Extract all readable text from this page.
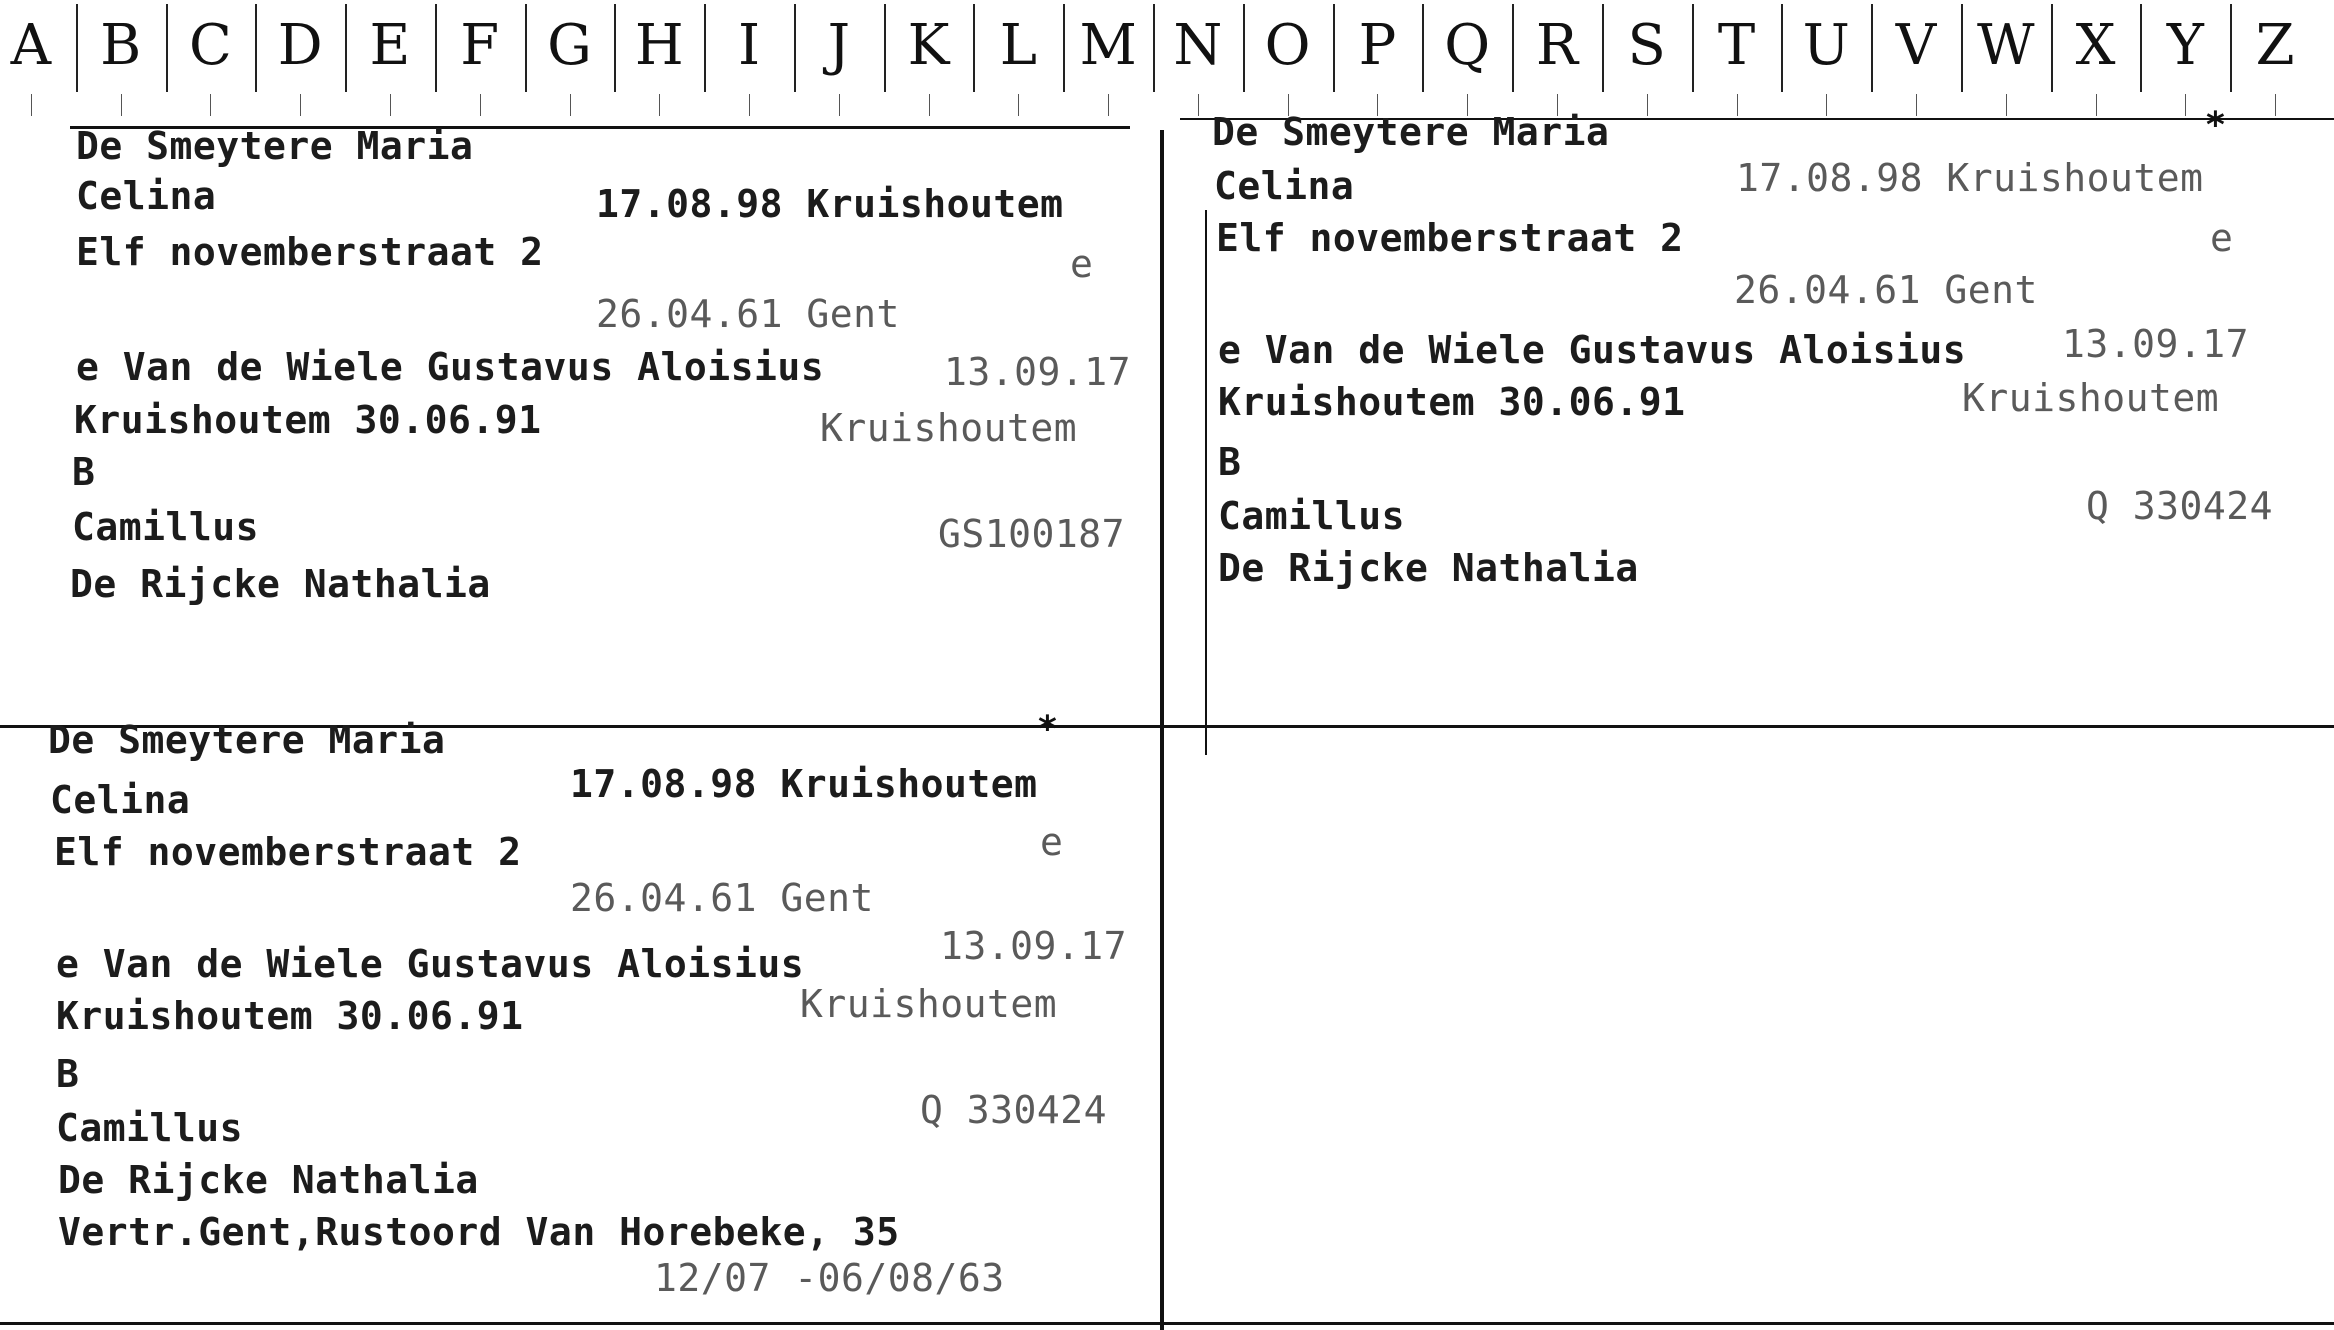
A B C D E F G H I	J	K L M N O P Q R S T U V W X Y Z
De Smeytere Maria
Celina	17.08.98 Kruishoutem
Elf novemberstraat 2	e
26.04.61 Gent
e Van de Wiele Gustavus Aloisius	13.09.17
Kruishoutem 30.06.91	Kruishoutem
B
Camillus	GS100187
De Rijcke Nathalia
*
De Smeytere Maria
Celina	17.08.98 Kruishoutem
Elf novemberstraat 2	e
26.04.61 Gent
e Van de Wiele Gustavus Aloisius	13.09.17
Kruishoutem 30.06.91	Kruishoutem
B
Camillus	Q 330424
De Rijcke Nathalia
*
De Smeytere Maria
Celina	17.08.98 Kruishoutem
Elf novemberstraat 2	e
26.04.61 Gent
e Van de Wiele Gustavus Aloisius	13.09.17
Kruishoutem 30.06.91	Kruishoutem
B
Camillus	Q 330424
De Rijcke Nathalia
Vertr.Gent,Rustoord Van Horebeke, 35
12/07 -06/08/63
